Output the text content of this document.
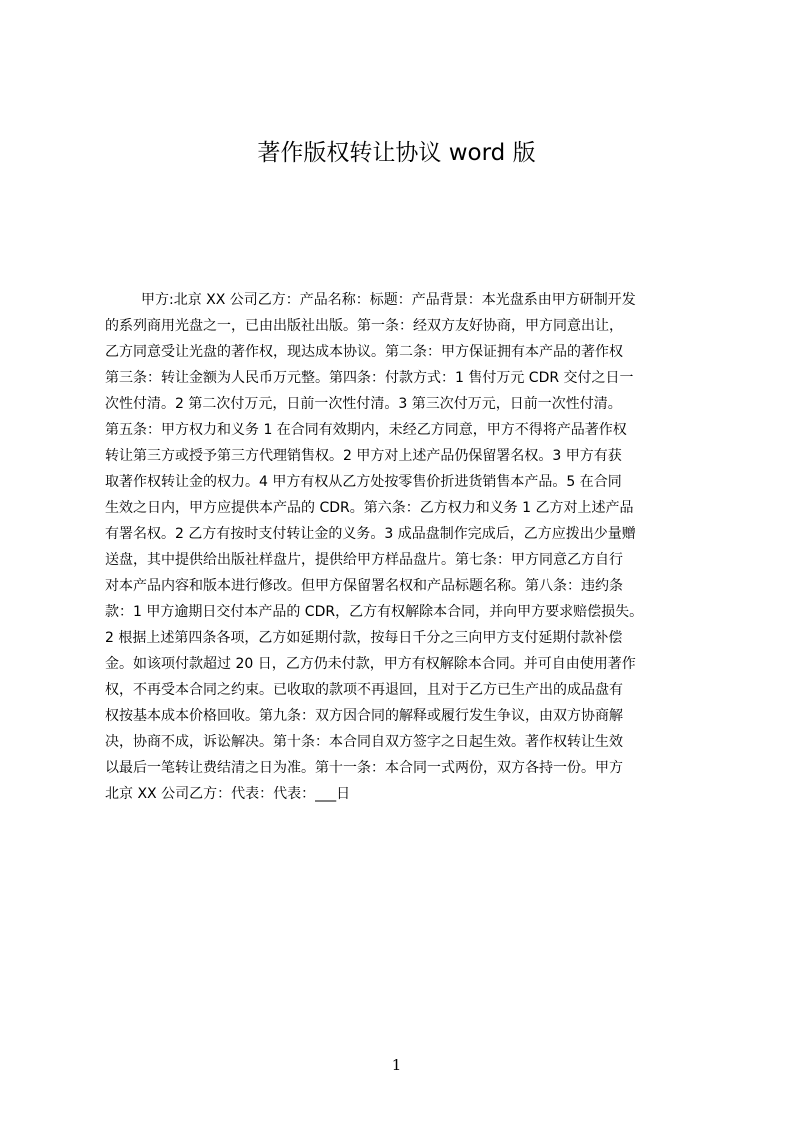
著作版权转让协议 word 版
甲方:北京 XX 公司乙方：产品名称：标题：产品背景：本光盘系由甲方研制开发
的系列商用光盘之一，已由出版社出版。第一条：经双方友好协商，甲方同意出让，
乙方同意受让光盘的著作权，现达成本协议。第二条：甲方保证拥有本产品的著作权
第三条：转让金额为人民币万元整。第四条：付款方式：1 售付万元 CDR 交付之日一
次性付清。2 第二次付万元，日前一次性付清。3 第三次付万元，日前一次性付清。
第五条：甲方权力和义务 1 在合同有效期内，未经乙方同意，甲方不得将产品著作权
转让第三方或授予第三方代理销售权。2 甲方对上述产品仍保留署名权。3 甲方有获
取著作权转让金的权力。4 甲方有权从乙方处按零售价折进货销售本产品。5 在合同
生效之日内，甲方应提供本产品的 CDR。第六条：乙方权力和义务 1 乙方对上述产品
有署名权。2 乙方有按时支付转让金的义务。3 成品盘制作完成后，乙方应拨出少量赠
送盘，其中提供给出版社样盘片，提供给甲方样品盘片。第七条：甲方同意乙方自行
对本产品内容和版本进行修改。但甲方保留署名权和产品标题名称。第八条：违约条
款：1 甲方逾期日交付本产品的 CDR，乙方有权解除本合同，并向甲方要求赔偿损失。
2 根据上述第四条各项，乙方如延期付款，按每日千分之三向甲方支付延期付款补偿
金。如该项付款超过 20 日，乙方仍未付款，甲方有权解除本合同。并可自由使用著作
权，不再受本合同之约束。已收取的款项不再退回，且对于乙方已生产出的成品盘有
权按基本成本价格回收。第九条：双方因合同的解释或履行发生争议，由双方协商解
决，协商不成，诉讼解决。第十条：本合同自双方签字之日起生效。著作权转让生效
以最后一笔转让费结清之日为准。第十一条：本合同一式两份，双方各持一份。甲方
北京 XX 公司乙方：代表：代表：___日
1
